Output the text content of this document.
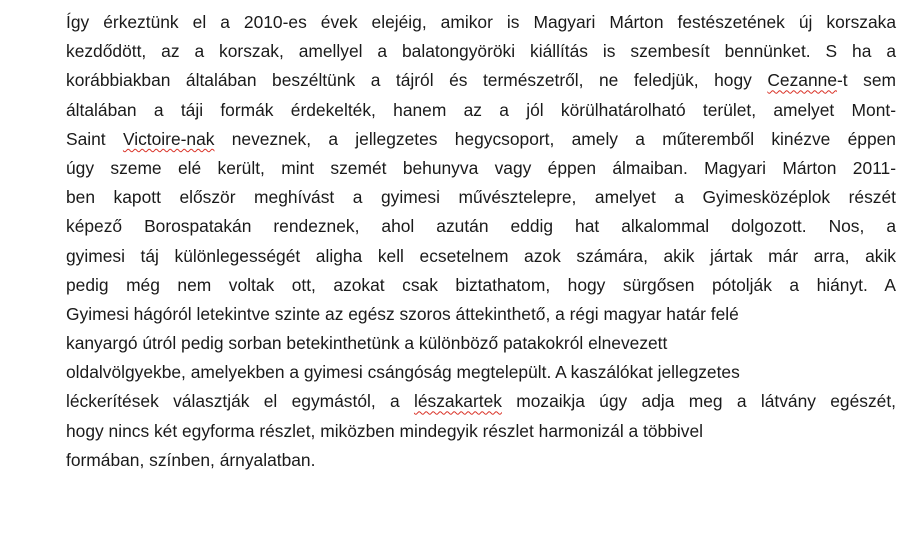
Így érkeztünk el a 2010-es évek elejéig, amikor is Magyari Márton festészetének új korszaka
kezdődött, az a korszak, amellyel a balatongyöröki kiállítás is szembesít bennünket. S ha a
korábbiakban általában beszéltünk a tájról és természetről, ne feledjük, hogy Cezanne-t sem
általában a táji formák érdekelték, hanem az a jól körülhatárolható terület, amelyet Mont-
Saint Victoire-nak neveznek, a jellegzetes hegycsoport, amely a műteremből kinézve éppen
úgy szeme elé került, mint szemét behunyva vagy éppen álmaiban. Magyari Márton 2011-
ben kapott először meghívást a gyimesi művésztelepre, amelyet a Gyimesközéplok részét
képező Borospatakán rendeznek, ahol azután eddig hat alkalommal dolgozott. Nos, a
gyimesi táj különlegességét aligha kell ecsetelnem azok számára, akik jártak már arra, akik
pedig még nem voltak ott, azokat csak biztathatom, hogy sürgősen pótolják a hiányt. A
Gyimesi hágóról letekintve szinte az egész szoros áttekinthető, a régi magyar határ felé
kanyargó útról pedig sorban betekinthetünk a különböző patakokról elnevezett
oldalvölgyekbe, amelyekben a gyimesi csángóság megtelepült. A kaszálókat jellegzetes
léckerítések választják el egymástól, a lészakartek mozaikja úgy adja meg a látvány egészét,
hogy nincs két egyforma részlet, miközben mindegyik részlet harmonizál a többivel
formában, színben, árnyalatban.
